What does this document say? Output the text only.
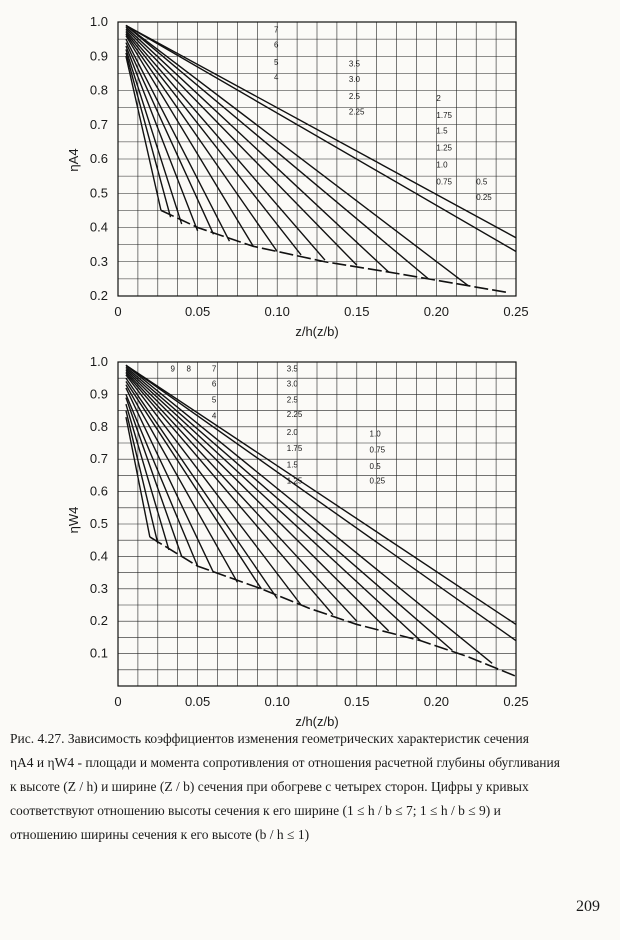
0	0.05	0.10	0.15	0.20	0.25
1.0
0.9
0.8
0.7
0.6
0.5
0.4
0.3
0.2
z/h(z/b)
ηA4
7
6
5
4
3.5
3.0
2.5
2.25
2
1.75
1.5
1.25
1.0
0.75	0.5
0.25
0	0.05	0.10	0.15	0.20	0.25
1.0
0.9
0.8
0.7
0.6
0.5
0.4
0.3
0.2
0.1
z/h(z/b)
ηW4
9 8	7
6
5
4
3.5
3.0
2.5
2.25
2.0
1.75
1.5
1.25
1.0
0.75
0.5
0.25

Рис. 4.27. Зависимость коэффициентов изменения геометрических характеристик сечения

ηA4 и ηW4 - площади и момента сопротивления от отношения расчетной глубины обугливания

к высоте (Z / h) и ширине (Z / b) сечения при обогреве с четырех сторон. Цифры у кривых

соответствуют отношению высоты сечения к его ширине (1 ≤ h / b ≤ 7; 1 ≤ h / b ≤ 9) и

отношению ширины сечения к его высоте (b / h ≤ 1)

209
